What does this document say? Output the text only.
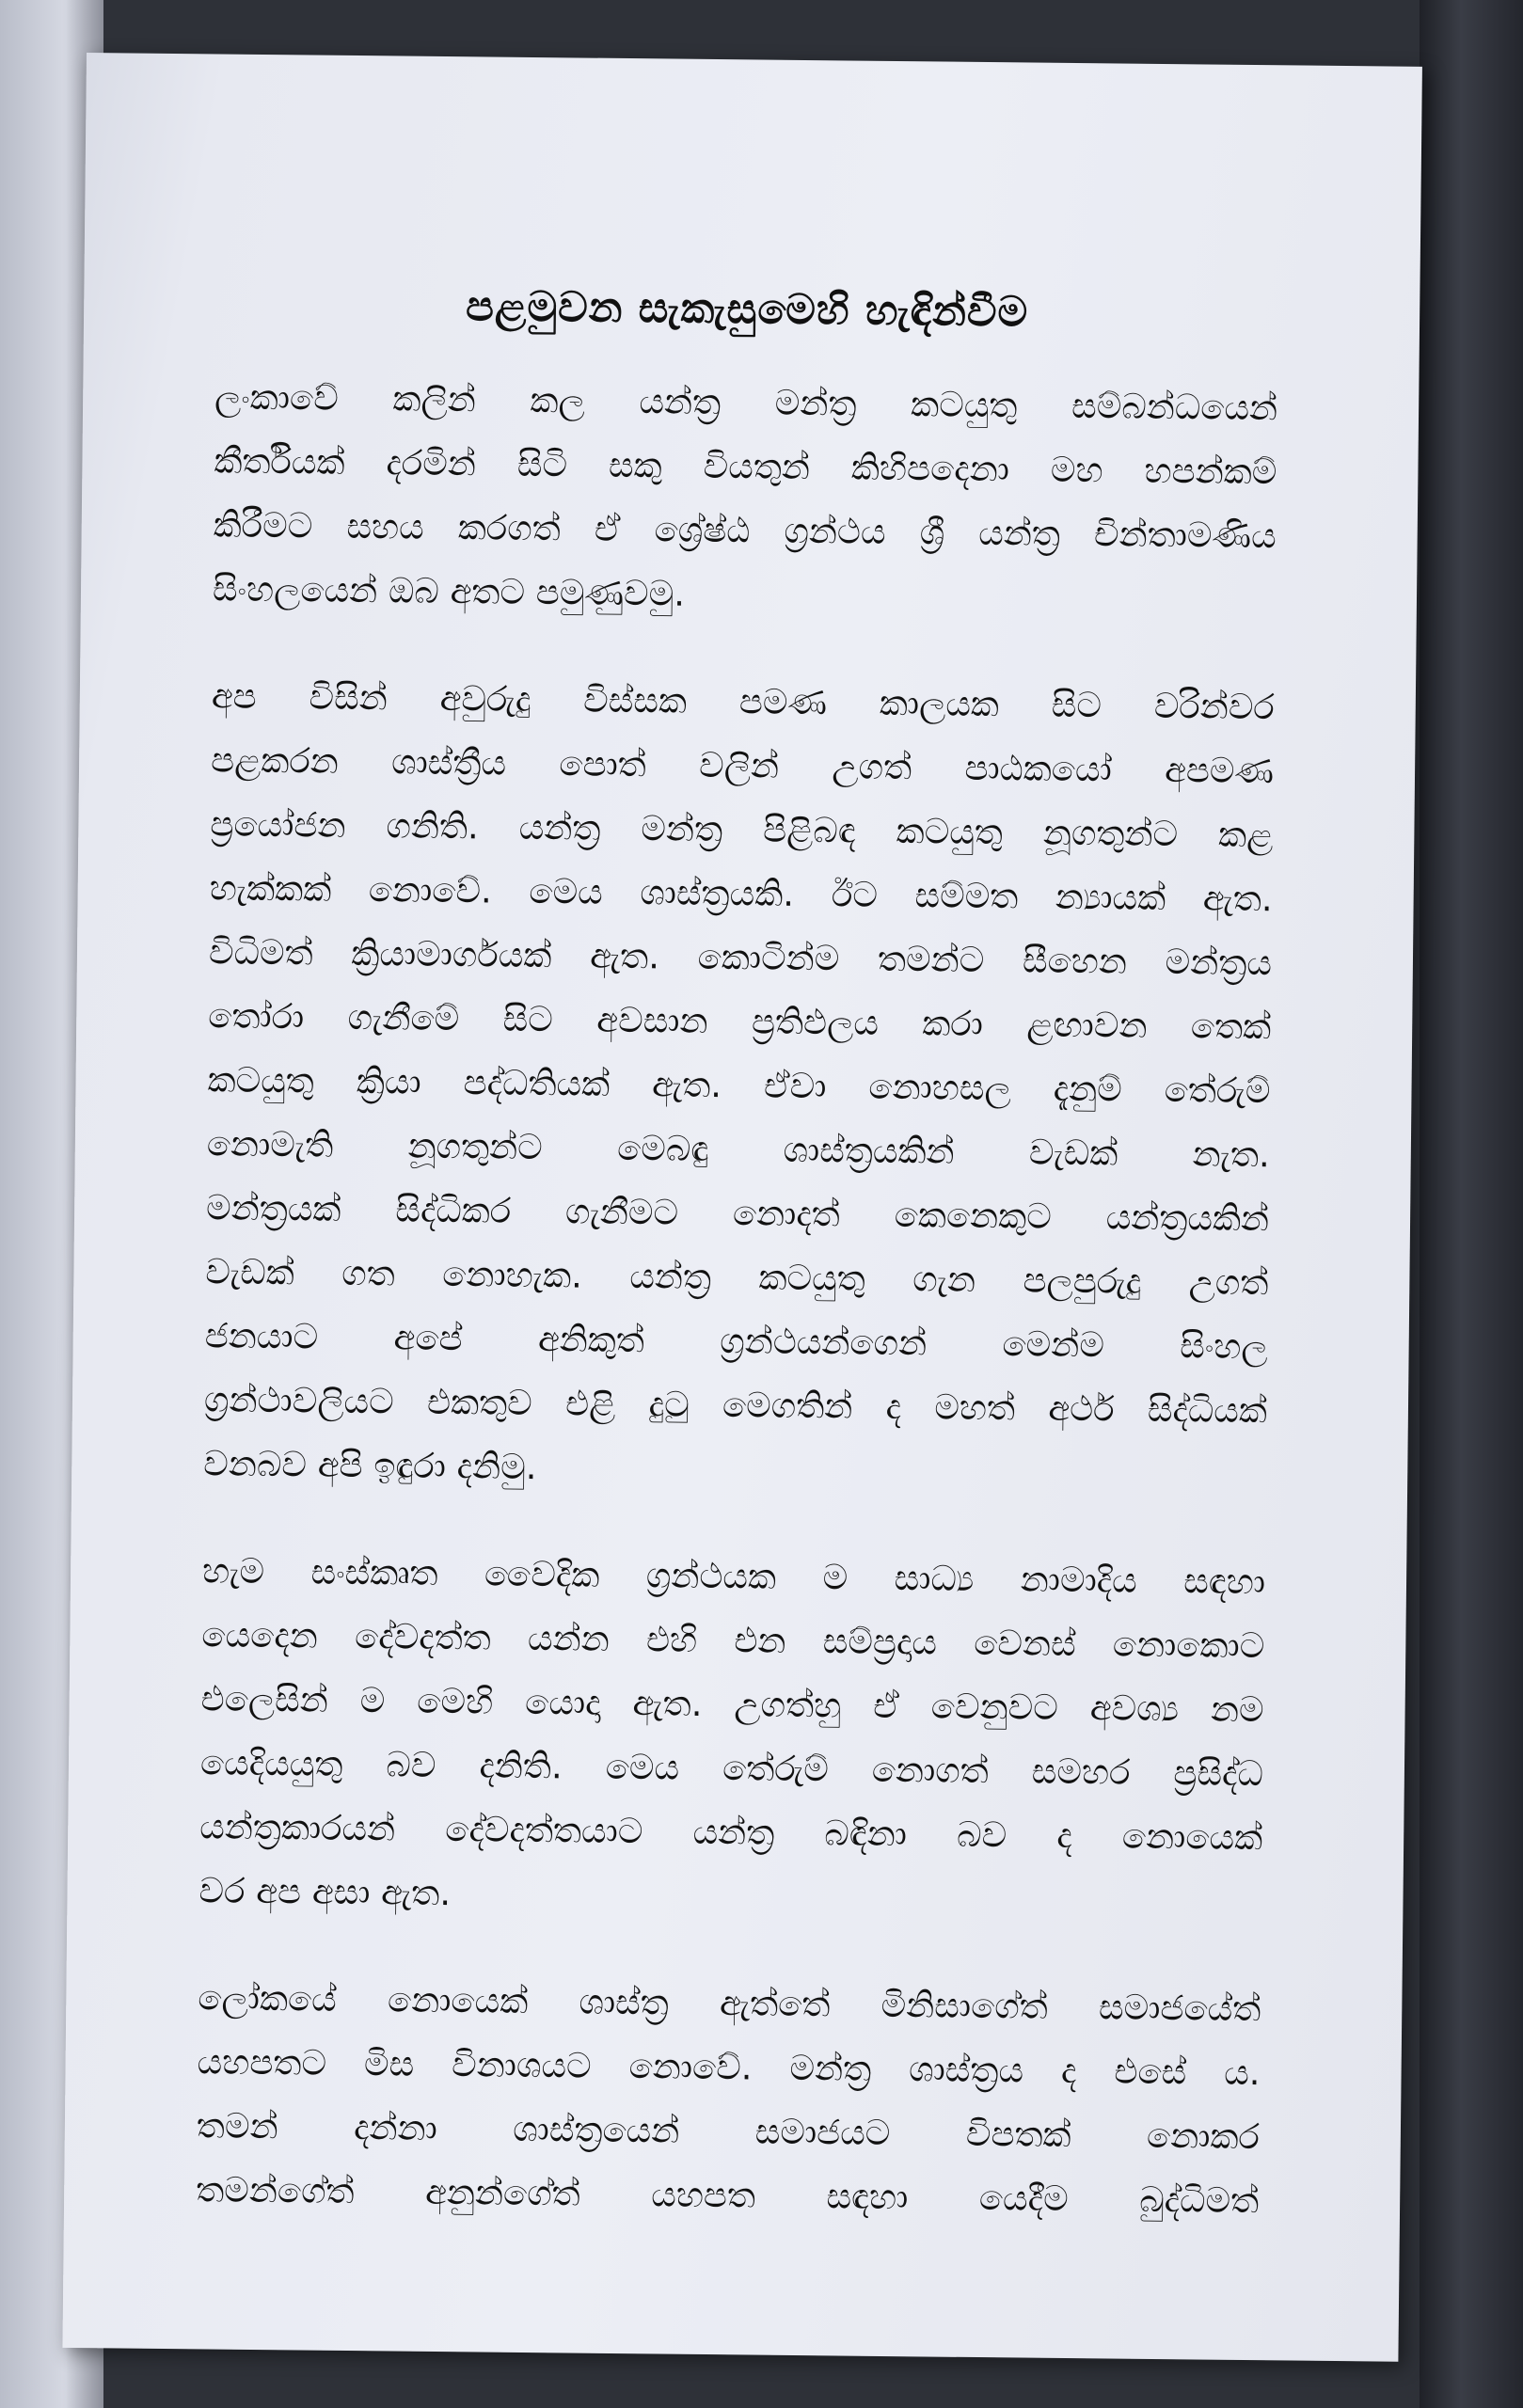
පළමුවන සැකැසුමෙහි හැඳින්වීම
ලංකාවේ කලින් කල යන්ත්‍ර මන්ත්‍ර කටයුතු සම්බන්ධයෙන්
කීර්තියක් දරමින් සිටි සකු වියතුන් කිහිපදෙනා මහ හපන්කම්
කිරීමට සහය කරගත් ඒ ශ්‍රේෂ්ඨ ග්‍රන්ථය ශ්‍රී යන්ත්‍ර චින්තාමණිය
සිංහලයෙන් ඔබ අතට පමුණුවමු.
අප විසින් අවුරුදු විස්සක පමණ කාලයක සිට වරින්වර
පළකරන ශාස්ත්‍රීය පොත් වලින් උගත් පාඨකයෝ අපමණ
ප්‍රයෝජන ගනිති. යන්ත්‍ර මන්ත්‍ර පිළිබඳ කටයුතු නූගතුන්ට කළ
හැක්කක් නොවේ. මෙය ශාස්ත්‍රයකි. ඊට සම්මත න්‍යායක් ඇත.
විධිමත් ක්‍රියාමාර්ගයක් ඇත. කොටින්ම තමන්ට සීහෙන මන්ත්‍රය
තෝරා ගැනීමේ සිට අවසාන ප්‍රතිඵලය කරා ළඟාවන තෙක්
කටයුතු ක්‍රියා පද්ධතියක් ඇත. ඒවා නොහසල දැනුම් තේරුම්
නොමැති නූගතුන්ට මෙබඳු ශාස්ත්‍රයකින් වැඩක් නැත.
මන්ත්‍රයක් සිද්ධිකර ගැනීමට නොදත් කෙනෙකුට යන්ත්‍රයකින්
වැඩක් ගත නොහැක. යන්ත්‍ර කටයුතු ගැන පලපුරුදු උගත්
ජනයාට අපේ අනිකුත් ග්‍රන්ථයන්ගෙන් මෙන්ම සිංහල
ග්‍රන්ථාවලියට එකතුව එළි දුටු මෙගතින් ද මහත් අර්ථ සිද්ධියක්
වනබව අපි ඉඳුරා දනිමු.
හැම සංස්කෘත වෛදික ග්‍රන්ථයක ම සාධ්‍ය නාමාදිය සඳහා
යෙදෙන දේවදත්ත යන්න එහි එන සම්ප්‍රදාය වෙනස් නොකොට
එලෙසින් ම මෙහි යොදා ඇත. උගත්හු ඒ වෙනුවට අවශ්‍ය නම
යෙදියයුතු බව දනිති. මෙය තේරුම් නොගත් සමහර ප්‍රසිද්ධ
යන්ත්‍රකාරයන් දේවදත්තයාට යන්ත්‍ර බඳිනා බව ද නොයෙක්
වර අප අසා ඇත.
ලෝකයේ නොයෙක් ශාස්ත්‍ර ඇත්තේ මිනිසාගේත් සමාජයේත්
යහපතට මිස විනාශයට නොවේ. මන්ත්‍ර ශාස්ත්‍රය ද එසේ ය.
තමන් දන්නා ශාස්ත්‍රයෙන් සමාජයට විපතක් නොකර
තමන්ගේත් අනුන්ගේත් යහපත සඳහා යෙදීම බුද්ධිමත්
